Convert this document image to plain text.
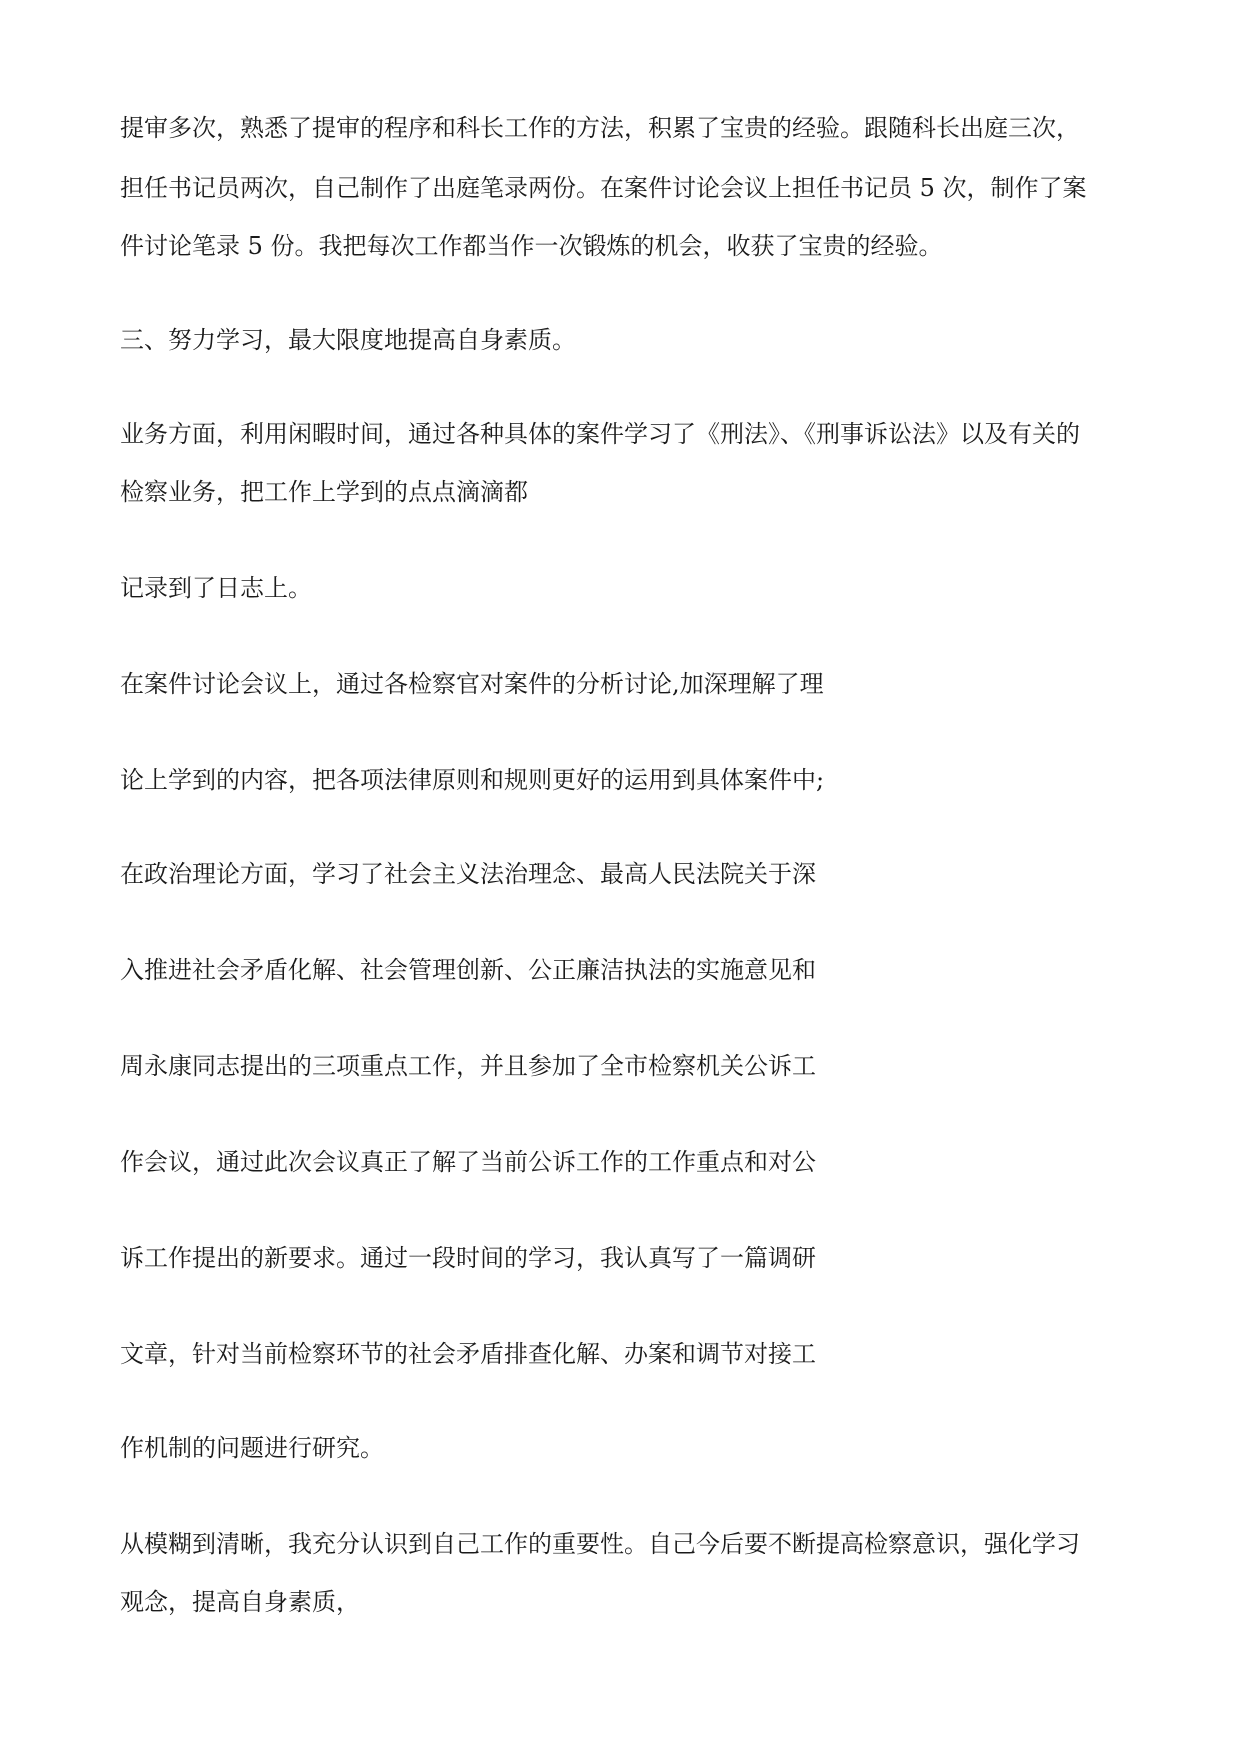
提审多次，熟悉了提审的程序和科长工作的方法，积累了宝贵的经验。跟随科长出庭三次，
担任书记员两次，自己制作了出庭笔录两份。在案件讨论会议上担任书记员 5 次，制作了案
件讨论笔录 5 份。我把每次工作都当作一次锻炼的机会，收获了宝贵的经验。
三、努力学习，最大限度地提高自身素质。
业务方面，利用闲暇时间，通过各种具体的案件学习了《刑法》、《刑事诉讼法》以及有关的
检察业务，把工作上学到的点点滴滴都
记录到了日志上。
在案件讨论会议上，通过各检察官对案件的分析讨论,加深理解了理
论上学到的内容，把各项法律原则和规则更好的运用到具体案件中;
在政治理论方面，学习了社会主义法治理念、最高人民法院关于深
入推进社会矛盾化解、社会管理创新、公正廉洁执法的实施意见和
周永康同志提出的三项重点工作，并且参加了全市检察机关公诉工
作会议，通过此次会议真正了解了当前公诉工作的工作重点和对公
诉工作提出的新要求。通过一段时间的学习，我认真写了一篇调研
文章，针对当前检察环节的社会矛盾排查化解、办案和调节对接工
作机制的问题进行研究。
从模糊到清晰，我充分认识到自己工作的重要性。自己今后要不断提高检察意识，强化学习
观念，提高自身素质，
